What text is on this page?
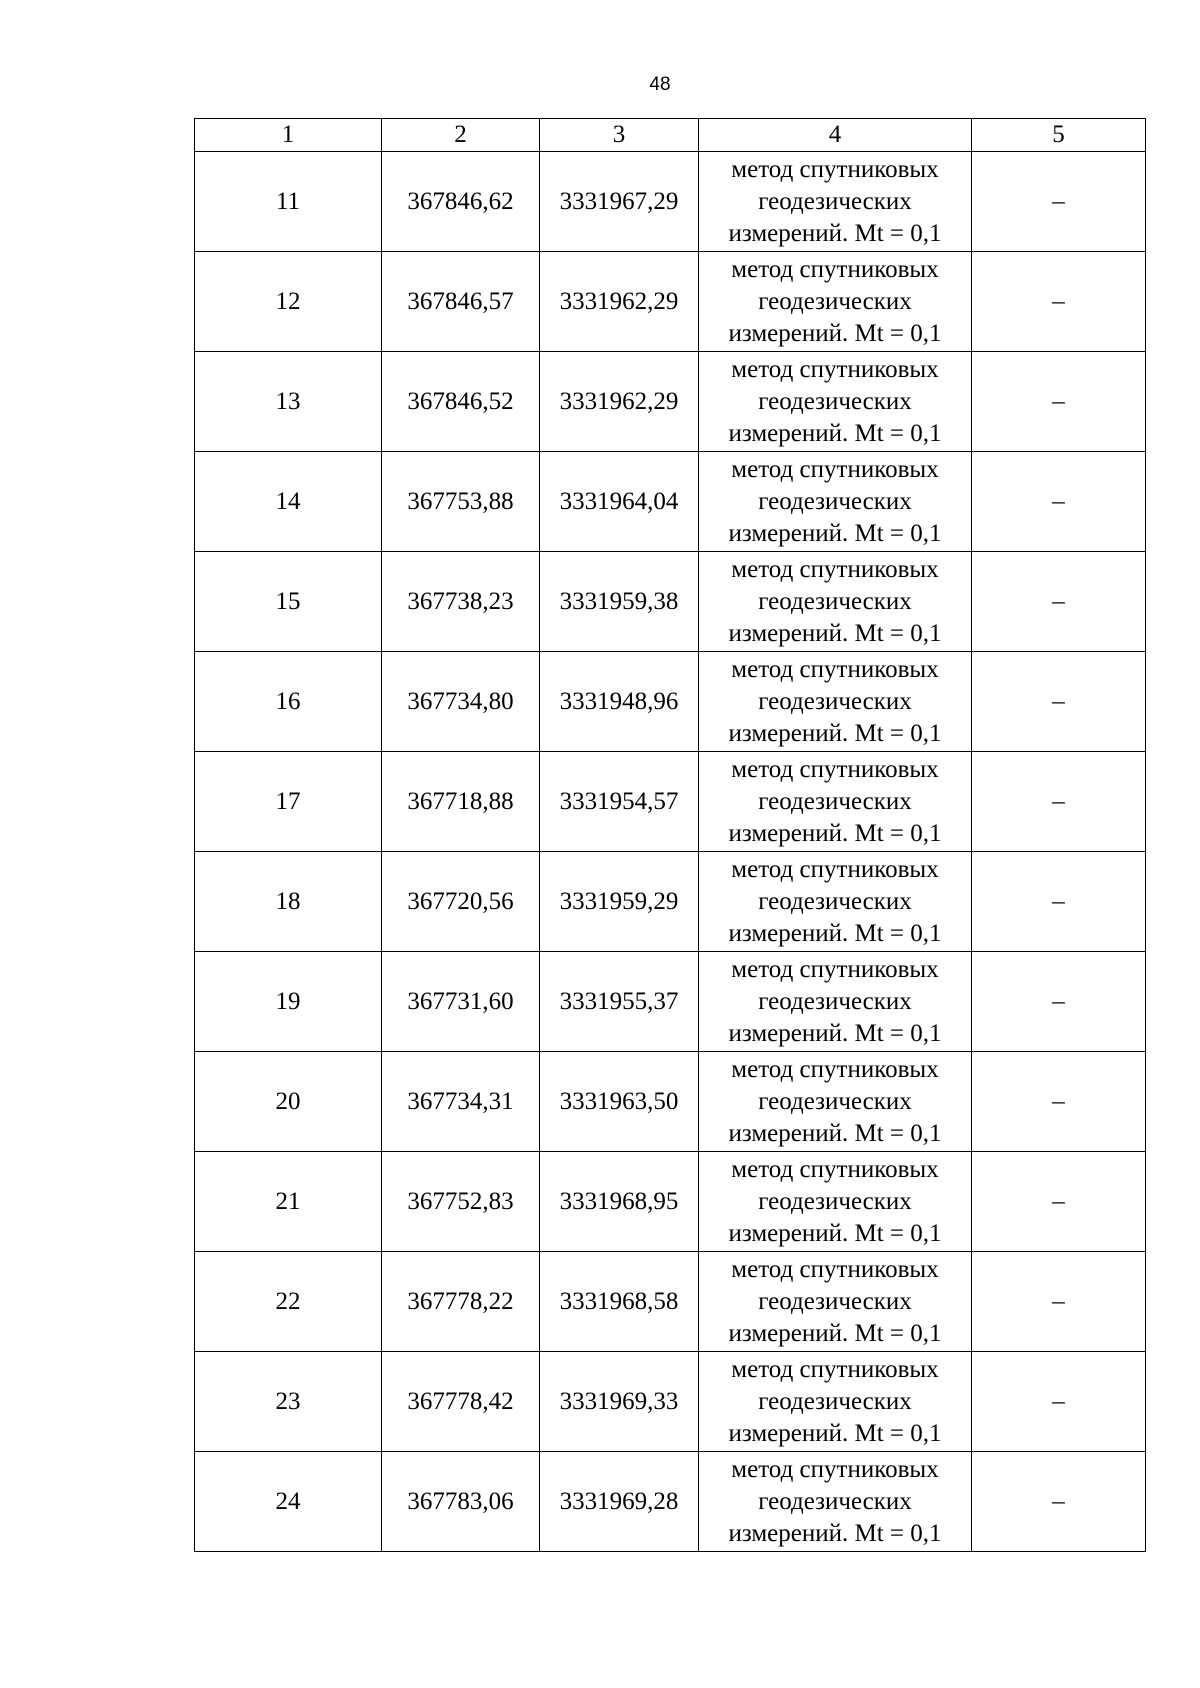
48
1	2	3	4	5
11	367846,62	3331967,29	метод спутниковых
геодезических
измерений. Mt = 0,1	–
12	367846,57	3331962,29	метод спутниковых
геодезических
измерений. Mt = 0,1	–
13	367846,52	3331962,29	метод спутниковых
геодезических
измерений. Mt = 0,1	–
14	367753,88	3331964,04	метод спутниковых
геодезических
измерений. Mt = 0,1	–
15	367738,23	3331959,38	метод спутниковых
геодезических
измерений. Mt = 0,1	–
16	367734,80	3331948,96	метод спутниковых
геодезических
измерений. Mt = 0,1	–
17	367718,88	3331954,57	метод спутниковых
геодезических
измерений. Mt = 0,1	–
18	367720,56	3331959,29	метод спутниковых
геодезических
измерений. Mt = 0,1	–
19	367731,60	3331955,37	метод спутниковых
геодезических
измерений. Mt = 0,1	–
20	367734,31	3331963,50	метод спутниковых
геодезических
измерений. Mt = 0,1	–
21	367752,83	3331968,95	метод спутниковых
геодезических
измерений. Mt = 0,1	–
22	367778,22	3331968,58	метод спутниковых
геодезических
измерений. Mt = 0,1	–
23	367778,42	3331969,33	метод спутниковых
геодезических
измерений. Mt = 0,1	–
24	367783,06	3331969,28	метод спутниковых
геодезических
измерений. Mt = 0,1	–
